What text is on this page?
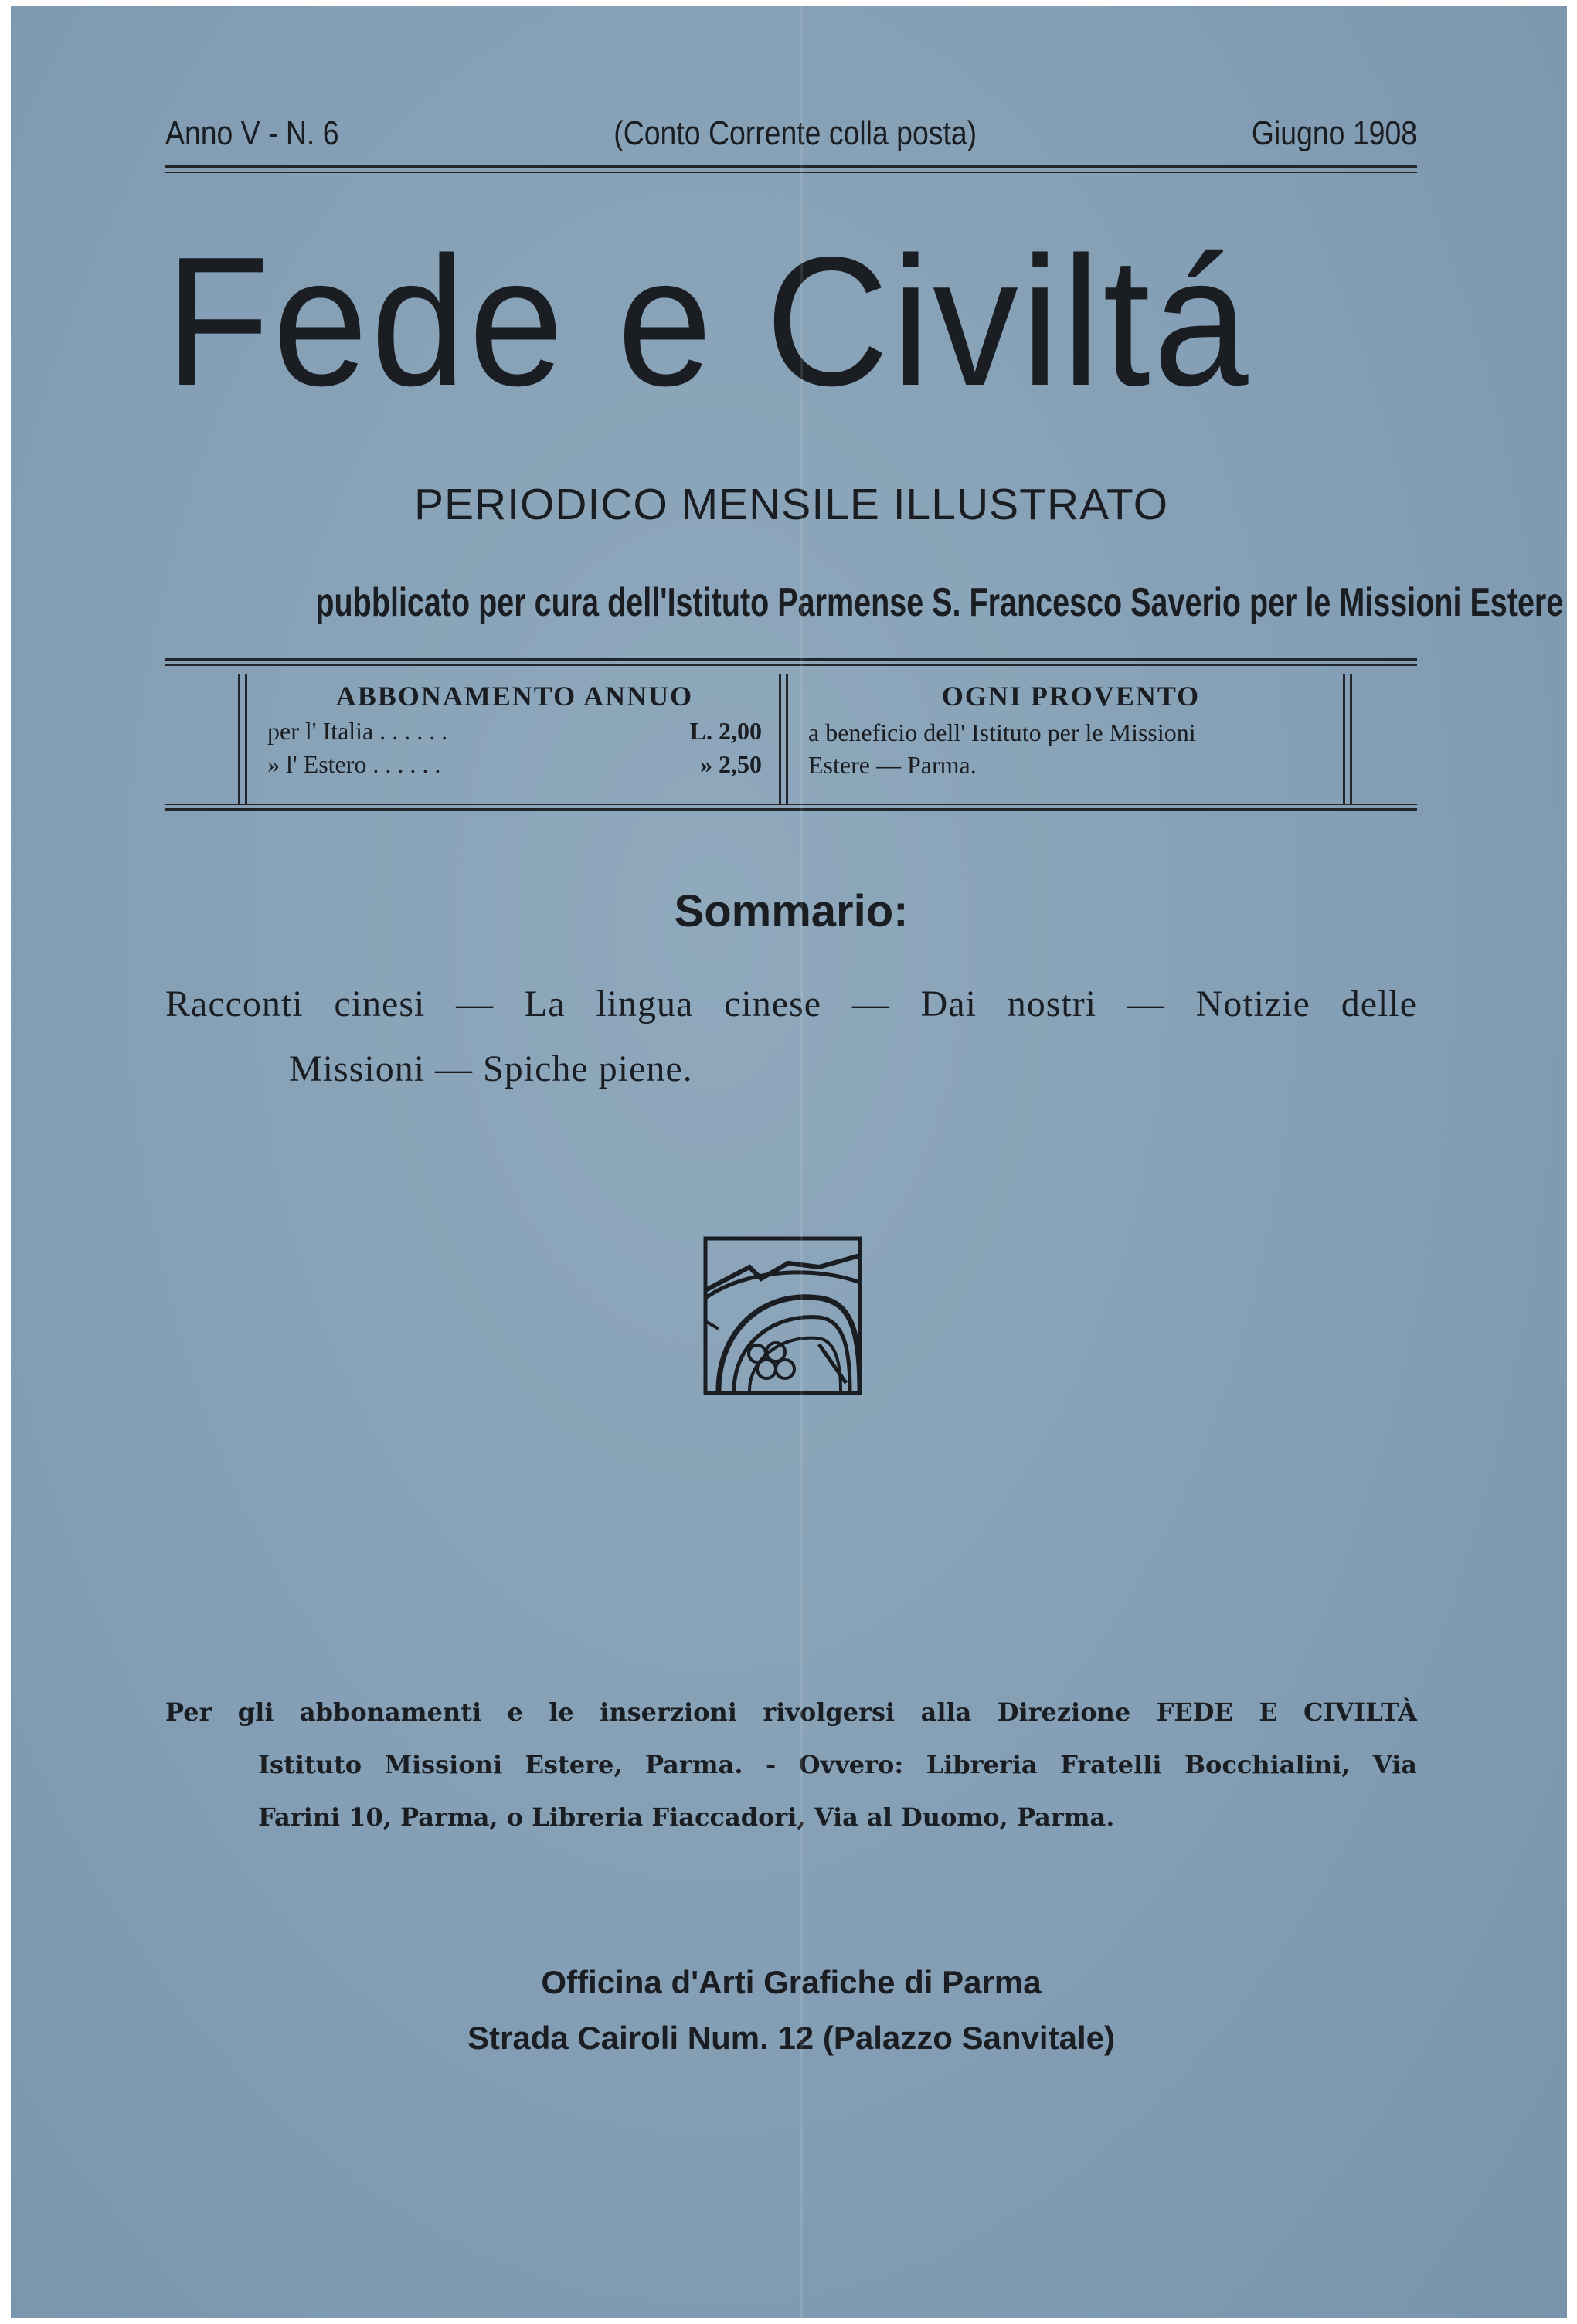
Anno V - N. 6	(Conto Corrente colla posta)	Giugno 1908
Fede e Civiltá
PERIODICO MENSILE ILLUSTRATO
pubblicato per cura dell'Istituto Parmense S. Francesco Saverio per le Missioni Estere
ABBONAMENTO ANNUO
per l' Italia . . . . . .	L. 2,00
» l' Estero . . . . . .	» 2,50
OGNI PROVENTO
a beneficio dell' Istituto per le Missioni
Estere — Parma.
Sommario:
Racconti cinesi — La lingua cinese — Dai nostri — Notizie delle
Missioni — Spiche piene.
Per gli abbonamenti e le inserzioni rivolgersi alla Direzione FEDE E CIVILTÀ
Istituto Missioni Estere, Parma. - Ovvero: Libreria Fratelli Bocchialini, Via
Farini 10, Parma, o Libreria Fiaccadori, Via al Duomo, Parma.
Officina d'Arti Grafiche di Parma
Strada Cairoli Num. 12 (Palazzo Sanvitale)
